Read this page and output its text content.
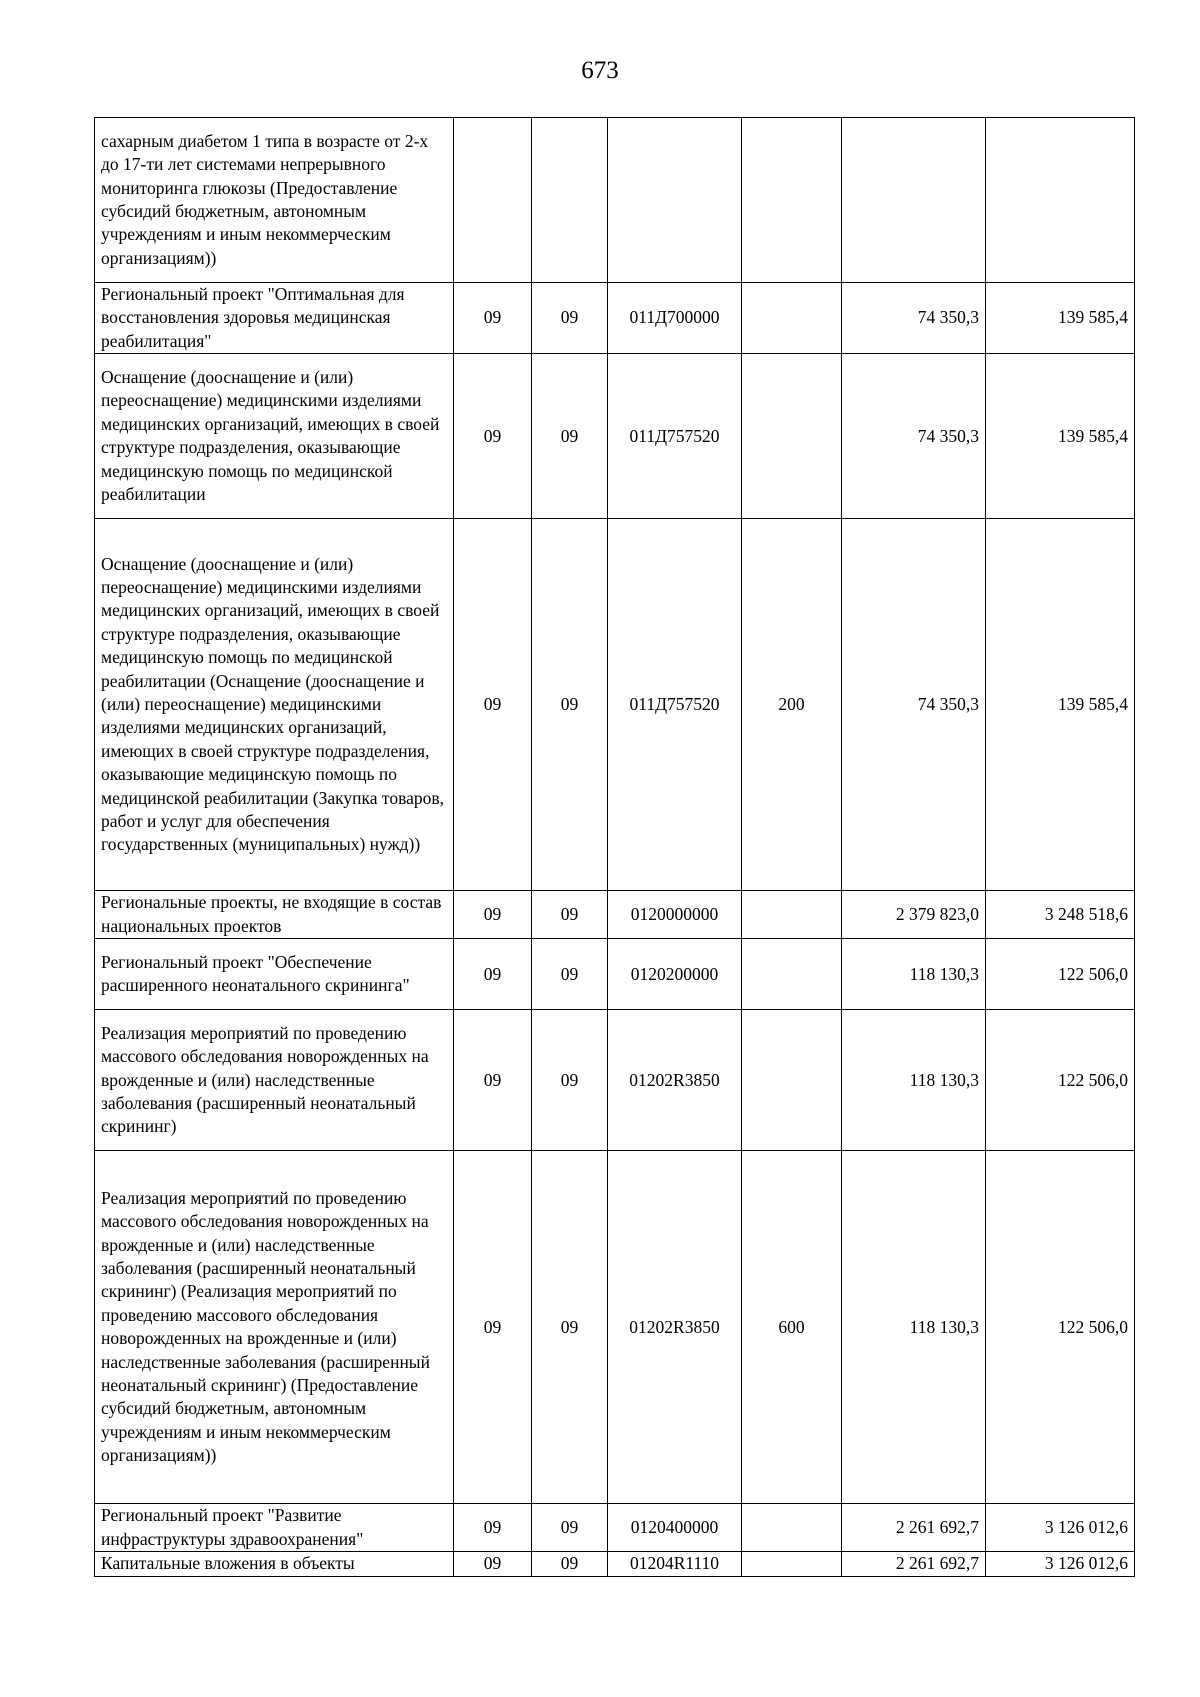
673
сахарным диабетом 1 типа в возрасте от 2-х до 17-ти лет системами непрерывного мониторинга глюкозы (Предоставление субсидий бюджетным, автономным учреждениям и иным некоммерческим организациям))						
Региональный проект "Оптимальная для восстановления здоровья медицинская реабилитация"	09	09	011Д700000		74 350,3	139 585,4
Оснащение (дооснащение и (или) переоснащение) медицинскими изделиями медицинских организаций, имеющих в своей структуре подразделения, оказывающие медицинскую помощь по медицинской реабилитации	09	09	011Д757520		74 350,3	139 585,4
Оснащение (дооснащение и (или) переоснащение) медицинскими изделиями медицинских организаций, имеющих в своей структуре подразделения, оказывающие медицинскую помощь по медицинской реабилитации (Оснащение (дооснащение и (или) переоснащение) медицинскими изделиями медицинских организаций, имеющих в своей структуре подразделения, оказывающие медицинскую помощь по медицинской реабилитации (Закупка товаров, работ и услуг для обеспечения государственных (муниципальных) нужд))	09	09	011Д757520	200	74 350,3	139 585,4
Региональные проекты, не входящие в состав национальных проектов	09	09	0120000000		2 379 823,0	3 248 518,6
Региональный проект "Обеспечение расширенного неонатального скрининга"	09	09	0120200000		118 130,3	122 506,0
Реализация мероприятий по проведению массового обследования новорожденных на врожденные и (или) наследственные заболевания (расширенный неонатальный скрининг)	09	09	01202R3850		118 130,3	122 506,0
Реализация мероприятий по проведению массового обследования новорожденных на врожденные и (или) наследственные заболевания (расширенный неонатальный скрининг) (Реализация мероприятий по проведению массового обследования новорожденных на врожденные и (или) наследственные заболевания (расширенный неонатальный скрининг) (Предоставление субсидий бюджетным, автономным учреждениям и иным некоммерческим организациям))	09	09	01202R3850	600	118 130,3	122 506,0
Региональный проект "Развитие инфраструктуры здравоохранения"	09	09	0120400000		2 261 692,7	3 126 012,6
Капитальные вложения в объекты	09	09	01204R1110		2 261 692,7	3 126 012,6
